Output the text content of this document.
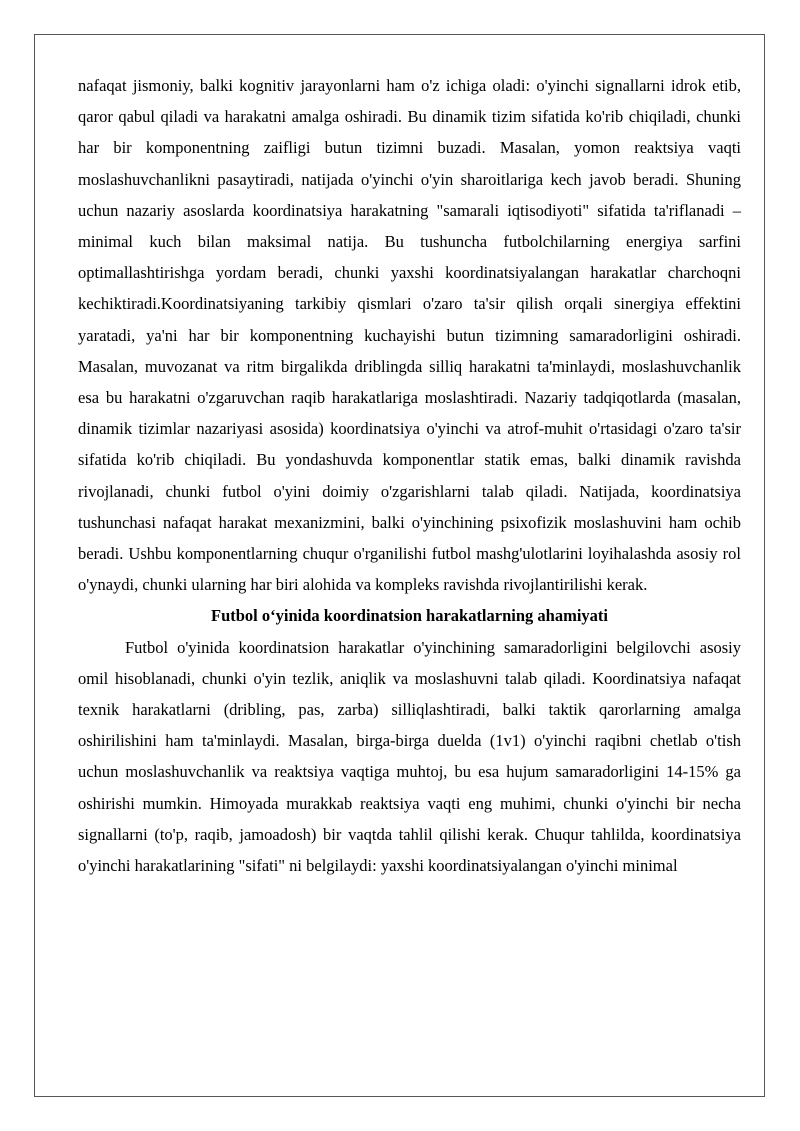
nafaqat jismoniy, balki kognitiv jarayonlarni ham o'z ichiga oladi: o'yinchi signallarni idrok etib, qaror qabul qiladi va harakatni amalga oshiradi. Bu dinamik tizim sifatida ko'rib chiqiladi, chunki har bir komponentning zaifligi butun tizimni buzadi. Masalan, yomon reaktsiya vaqti moslashuvchanlikni pasaytiradi, natijada o'yinchi o'yin sharoitlariga kech javob beradi. Shuning uchun nazariy asoslarda koordinatsiya harakatning "samarali iqtisodiyoti" sifatida ta'riflanadi – minimal kuch bilan maksimal natija. Bu tushuncha futbolchilarning energiya sarfini optimallashtirishga yordam beradi, chunki yaxshi koordinatsiyalangan harakatlar charchoqni kechiktiradi.Koordinatsiyaning tarkibiy qismlari o'zaro ta'sir qilish orqali sinergiya effektini yaratadi, ya'ni har bir komponentning kuchayishi butun tizimning samaradorligini oshiradi. Masalan, muvozanat va ritm birgalikda driblingda silliq harakatni ta'minlaydi, moslashuvchanlik esa bu harakatni o'zgaruvchan raqib harakatlariga moslashtiradi. Nazariy tadqiqotlarda (masalan, dinamik tizimlar nazariyasi asosida) koordinatsiya o'yinchi va atrof-muhit o'rtasidagi o'zaro ta'sir sifatida ko'rib chiqiladi. Bu yondashuvda komponentlar statik emas, balki dinamik ravishda rivojlanadi, chunki futbol o'yini doimiy o'zgarishlarni talab qiladi. Natijada, koordinatsiya tushunchasi nafaqat harakat mexanizmini, balki o'yinchining psixofizik moslashuvini ham ochib beradi. Ushbu komponentlarning chuqur o'rganilishi futbol mashg'ulotlarini loyihalashda asosiy rol o'ynaydi, chunki ularning har biri alohida va kompleks ravishda rivojlantirilishi kerak.

Futbol o‘yinida koordinatsion harakatlarning ahamiyati

Futbol o'yinida koordinatsion harakatlar o'yinchining samaradorligini belgilovchi asosiy omil hisoblanadi, chunki o'yin tezlik, aniqlik va moslashuvni talab qiladi. Koordinatsiya nafaqat texnik harakatlarni (dribling, pas, zarba) silliqlashtiradi, balki taktik qarorlarning amalga oshirilishini ham ta'minlaydi. Masalan, birga-birga duelda (1v1) o'yinchi raqibni chetlab o'tish uchun moslashuvchanlik va reaktsiya vaqtiga muhtoj, bu esa hujum samaradorligini 14-15% ga oshirishi mumkin. Himoyada murakkab reaktsiya vaqti eng muhimi, chunki o'yinchi bir necha signallarni (to'p, raqib, jamoadosh) bir vaqtda tahlil qilishi kerak. Chuqur tahlilda, koordinatsiya o'yinchi harakatlarining "sifati" ni belgilaydi: yaxshi koordinatsiyalangan o'yinchi minimal
